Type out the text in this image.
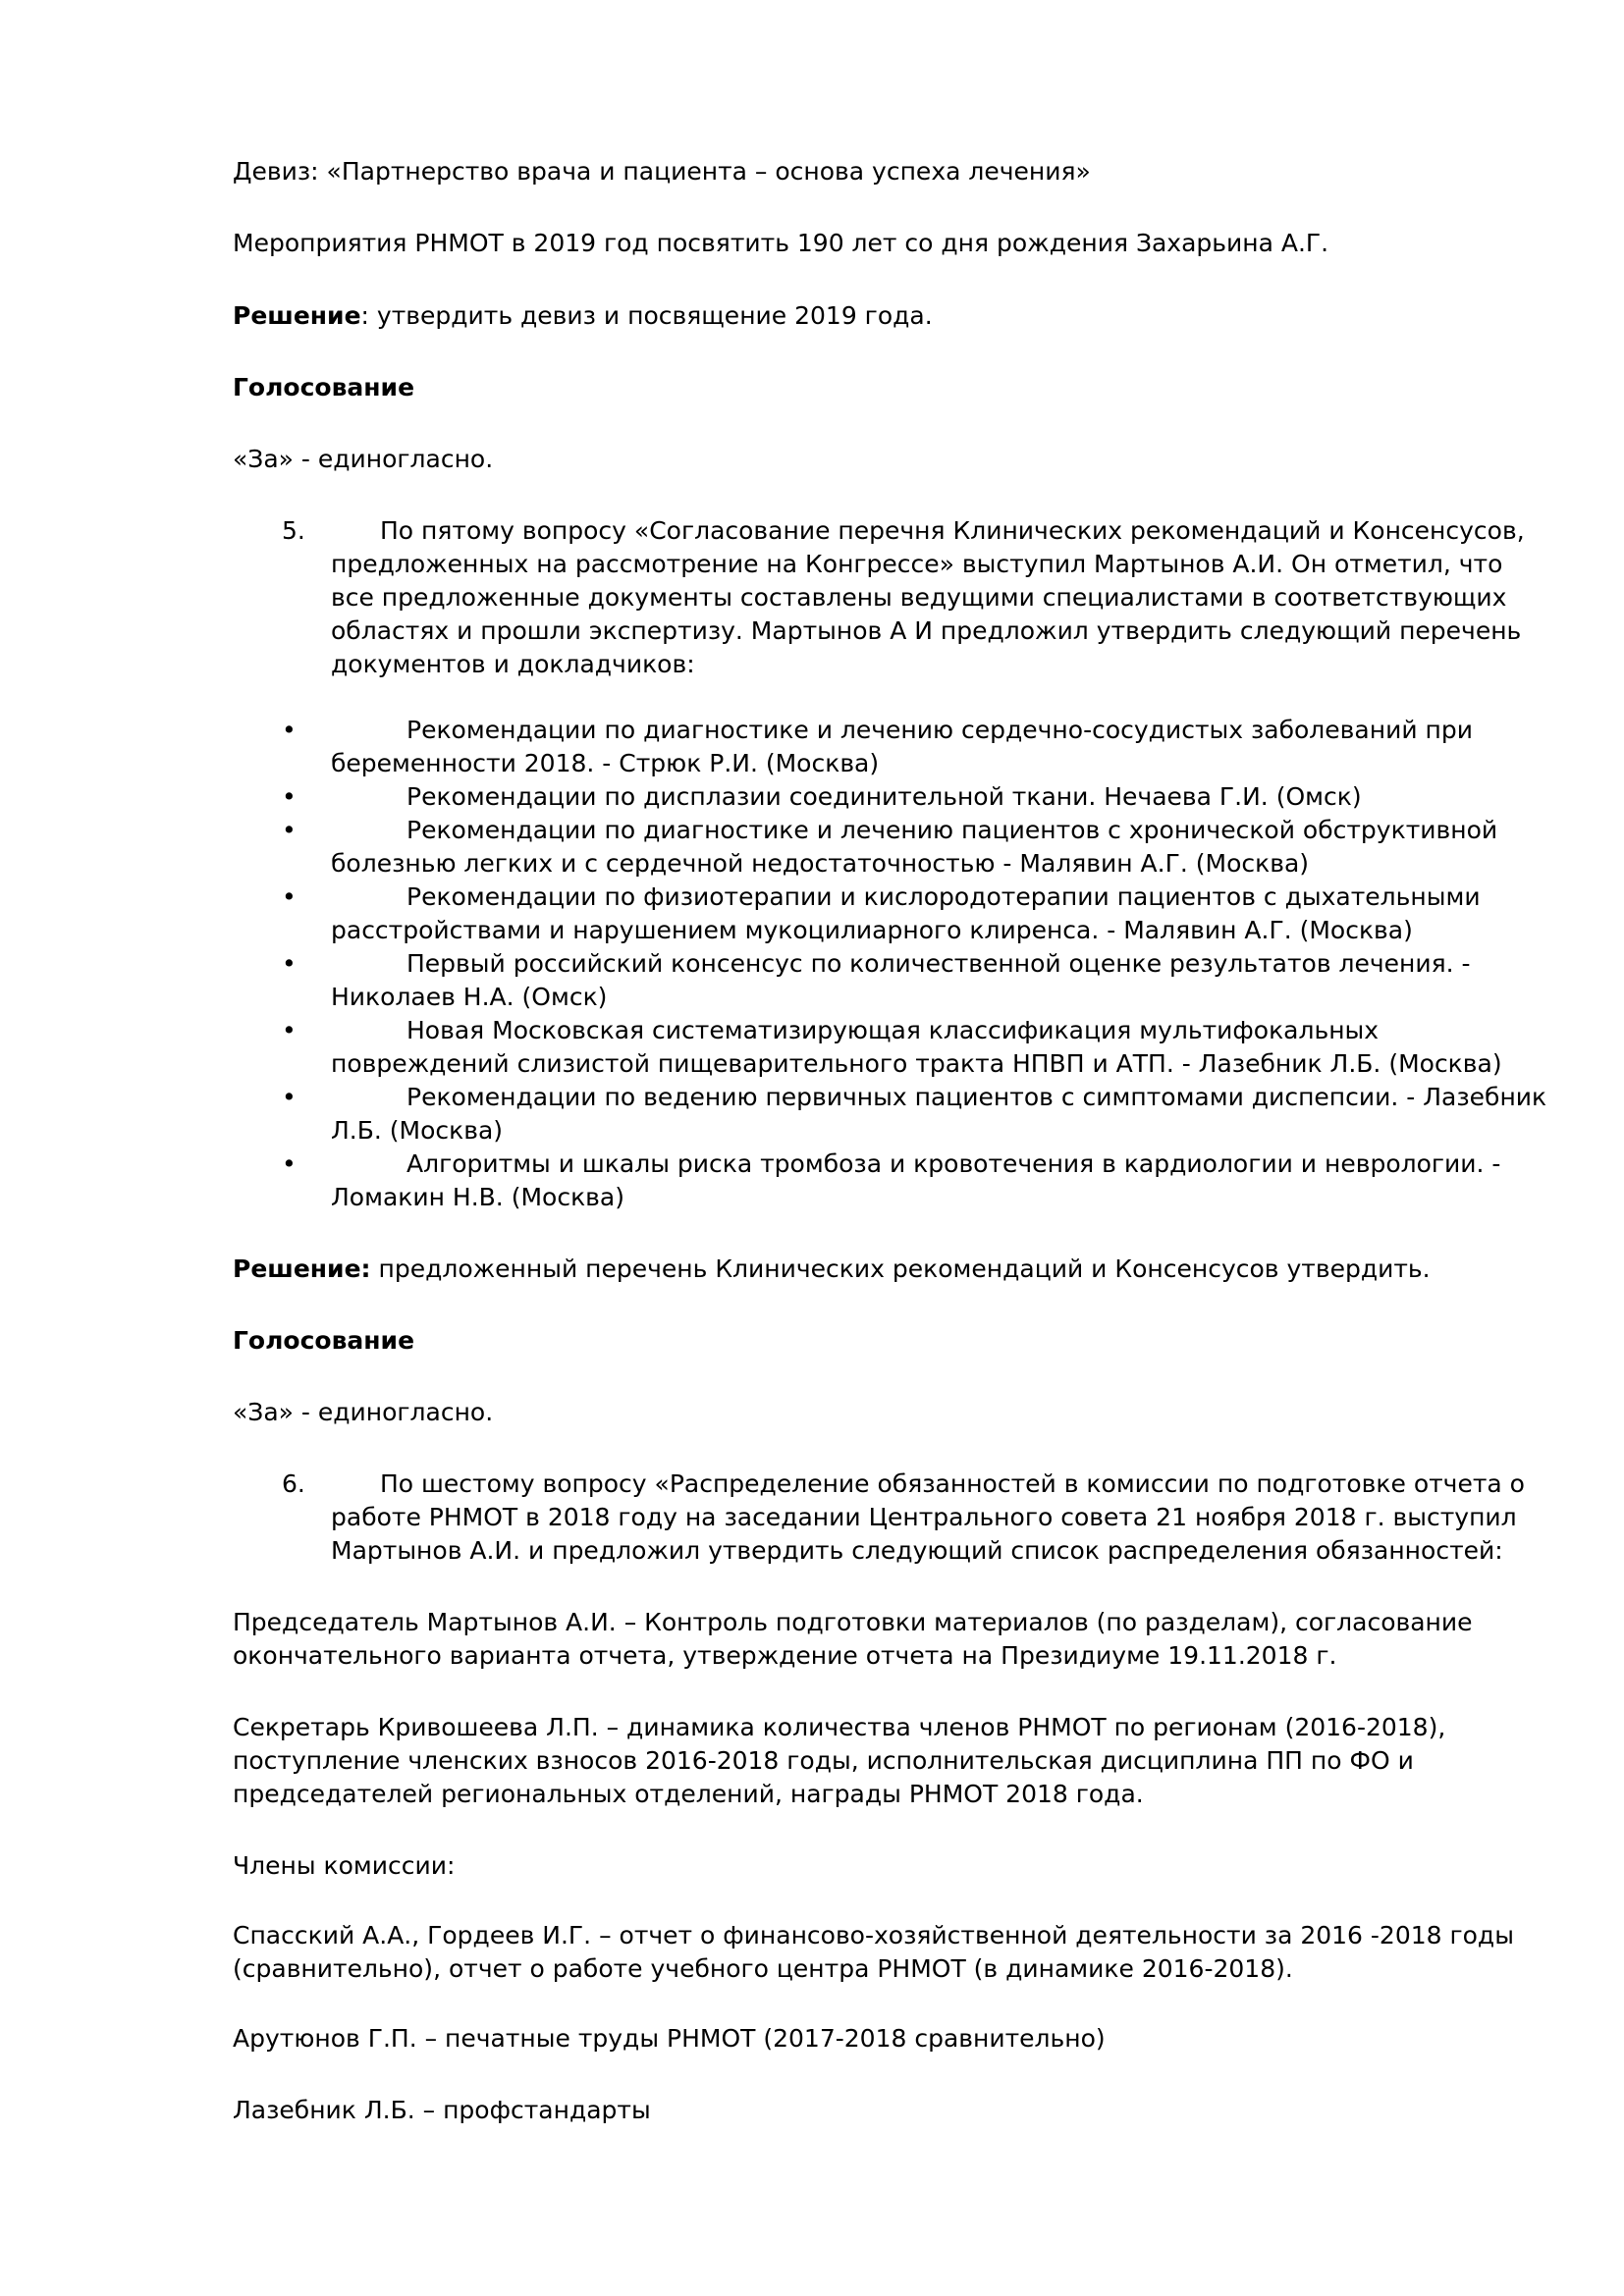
Девиз: «Партнерство врача и пациента – основа успеха лечения»

Мероприятия РНМОТ в 2019 год посвятить 190 лет со дня рождения Захарьина А.Г.

Решение: утвердить девиз и посвящение 2019 года.

Голосование

«За» - единогласно.

5.	По пятому вопросу «Согласование перечня Клинических рекомендаций и Консенсусов,
предложенных на рассмотрение на Конгрессе» выступил Мартынов А.И. Он отметил, что
все предложенные документы составлены ведущими специалистами в соответствующих
областях и прошли экспертизу. Мартынов А И предложил утвердить следующий перечень
документов и докладчиков:
•	Рекомендации по диагностике и лечению сердечно-сосудистых заболеваний при
беременности 2018. - Стрюк Р.И. (Москва)
•	Рекомендации по дисплазии соединительной ткани. Нечаева Г.И. (Омск)
•	Рекомендации по диагностике и лечению пациентов с хронической обструктивной
болезнью легких и с сердечной недостаточностью - Малявин А.Г. (Москва)
•	Рекомендации по физиотерапии и кислородотерапии пациентов с дыхательными
расстройствами и нарушением мукоцилиарного клиренса. - Малявин А.Г. (Москва)
•	Первый российский консенсус по количественной оценке результатов лечения. -
Николаев Н.А. (Омск)
•	Новая Московская систематизирующая классификация мультифокальных
повреждений слизистой пищеварительного тракта НПВП и АТП. - Лазебник Л.Б. (Москва)
•	Рекомендации по ведению первичных пациентов с симптомами диспепсии. - Лазебник
Л.Б. (Москва)
•	Алгоритмы и шкалы риска тромбоза и кровотечения в кардиологии и неврологии. -
Ломакин Н.В. (Москва)

Решение: предложенный перечень Клинических рекомендаций и Консенсусов утвердить.

Голосование

«За» - единогласно.

6.	По шестому вопросу «Распределение обязанностей в комиссии по подготовке отчета о
работе РНМОТ в 2018 году на заседании Центрального совета 21 ноября 2018 г. выступил
Мартынов А.И. и предложил утвердить следующий список распределения обязанностей:

Председатель Мартынов А.И. – Контроль подготовки материалов (по разделам), согласование
окончательного варианта отчета, утверждение отчета на Президиуме 19.11.2018 г.

Секретарь Кривошеева Л.П. – динамика количества членов РНМОТ по регионам (2016-2018),
поступление членских взносов 2016-2018 годы, исполнительская дисциплина ПП по ФО и
председателей региональных отделений, награды РНМОТ 2018 года.

Члены комиссии:

Спасский А.А., Гордеев И.Г. – отчет о финансово-хозяйственной деятельности за 2016 -2018 годы
(сравнительно), отчет о работе учебного центра РНМОТ (в динамике 2016-2018).

Арутюнов Г.П. – печатные труды РНМОТ (2017-2018 сравнительно)

Лазебник Л.Б. – профстандарты
